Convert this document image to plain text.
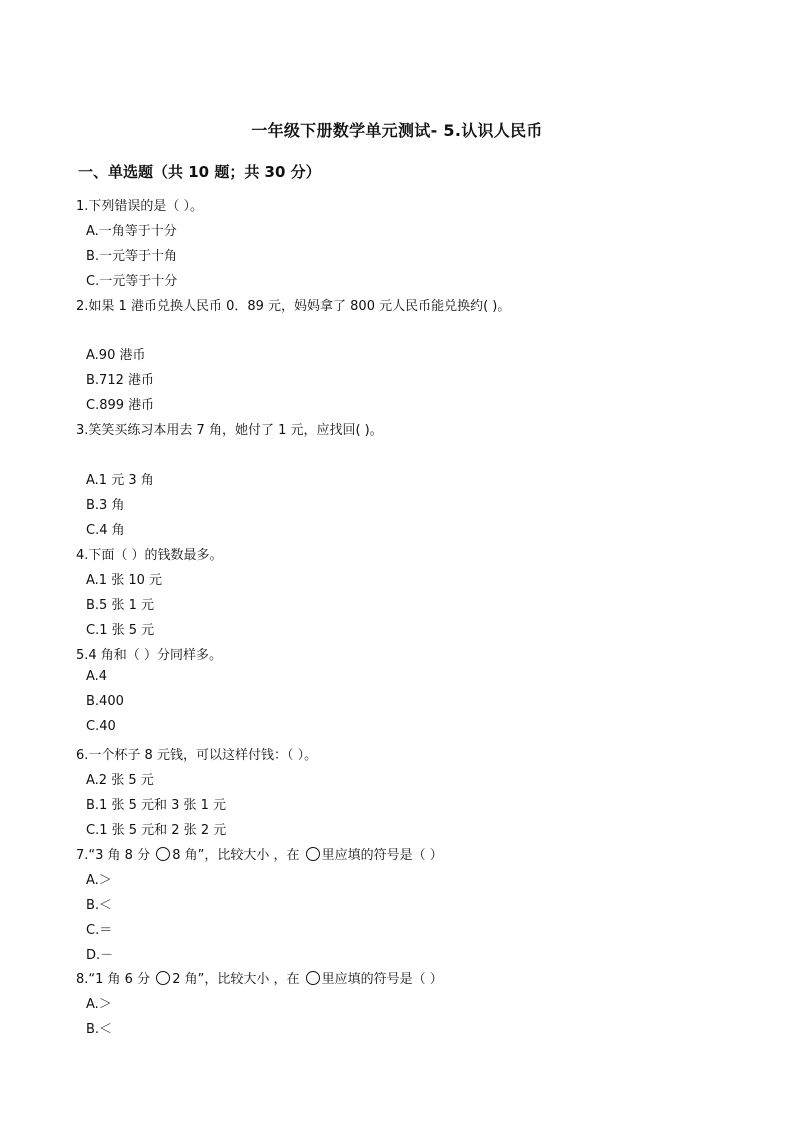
一年级下册数学单元测试- 5.认识人民币
一、单选题（共 10 题；共 30 分）
1.下列错误的是（ ）。
A.一角等于十分
B.一元等于十角
C.一元等于十分
2.如果 1 港币兑换人民币 0．89 元，妈妈拿了 800 元人民币能兑换约( )。
A.90 港币
B.712 港币
C.899 港币
3.笑笑买练习本用去 7 角，她付了 1 元，应找回( )。
A.1 元 3 角
B.3 角
C.4 角
4.下面（ ）的钱数最多。
A.1 张 10 元
B.5 张 1 元
C.1 张 5 元
5.4 角和（ ）分同样多。
A.4
B.400
C.40
6.一个杯子 8 元钱，可以这样付钱：（ ）。
A.2 张 5 元
B.1 张 5 元和 3 张 1 元
C.1 张 5 元和 2 张 2 元
7.“3 角 8 分 8 角”，比较大小 ，在 里应填的符号是（ ）
A.＞
B.＜
C.＝
D.－
8.“1 角 6 分 2 角”，比较大小 ，在 里应填的符号是（ ）
A.＞
B.＜
